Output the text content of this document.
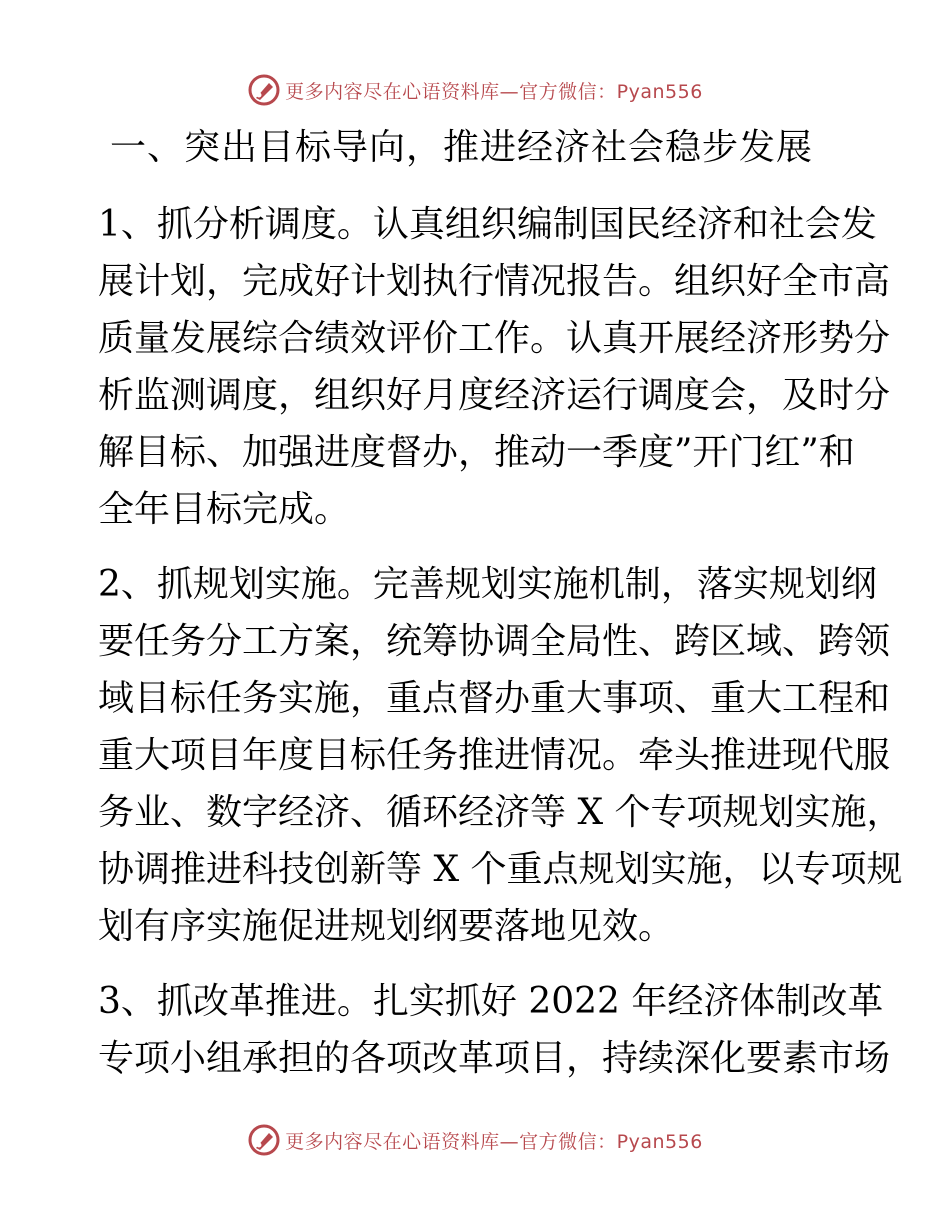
更多内容尽在心语资料库—官方微信：Pyan556
一、突出目标导向，推进经济社会稳步发展
1、抓分析调度。认真组织编制国民经济和社会发
展计划，完成好计划执行情况报告。组织好全市高
质量发展综合绩效评价工作。认真开展经济形势分
析监测调度，组织好月度经济运行调度会，及时分
解目标、加强进度督办，推动一季度”开门红”和
全年目标完成。
2、抓规划实施。完善规划实施机制，落实规划纲
要任务分工方案，统筹协调全局性、跨区域、跨领
域目标任务实施，重点督办重大事项、重大工程和
重大项目年度目标任务推进情况。牵头推进现代服
务业、数字经济、循环经济等 X 个专项规划实施，
协调推进科技创新等 X 个重点规划实施，以专项规
划有序实施促进规划纲要落地见效。
3、抓改革推进。扎实抓好 2022 年经济体制改革
专项小组承担的各项改革项目，持续深化要素市场
更多内容尽在心语资料库—官方微信：Pyan556
